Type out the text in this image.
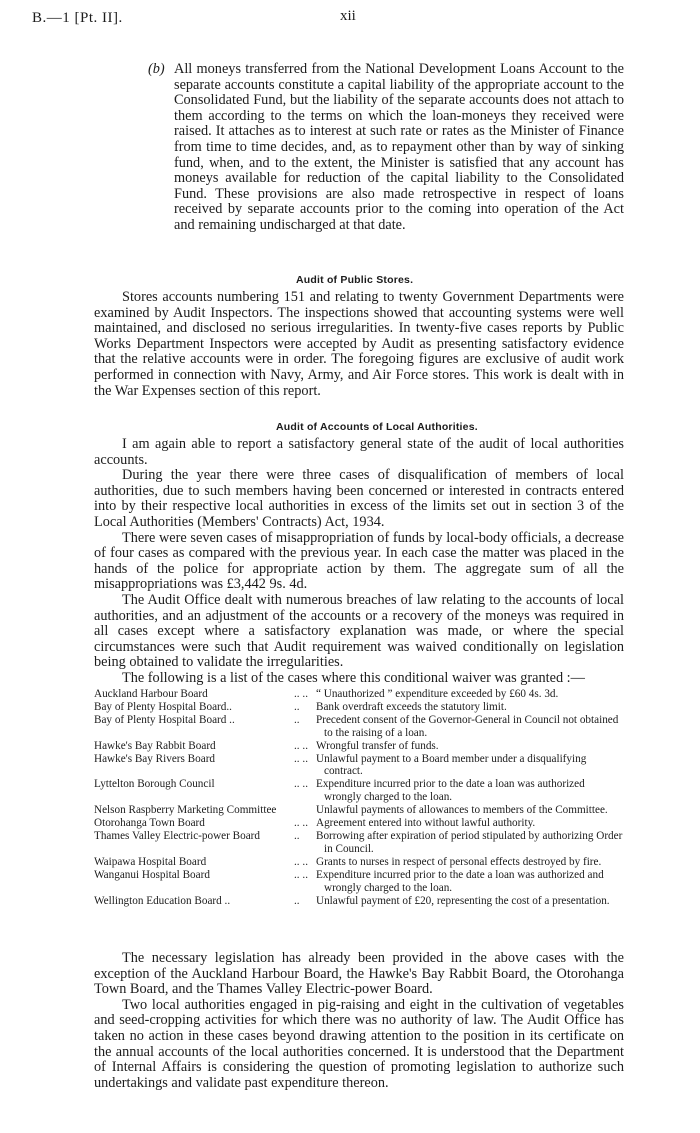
B.—1 [Pt. II].	xii
(b) All moneys transferred from the National Development Loans Account to the separate accounts constitute a capital liability of the appropriate account to the Consolidated Fund, but the liability of the separate accounts does not attach to them according to the terms on which the loan-moneys they received were raised. It attaches as to interest at such rate or rates as the Minister of Finance from time to time decides, and, as to repayment other than by way of sinking fund, when, and to the extent, the Minister is satisfied that any account has moneys available for reduction of the capital liability to the Consolidated Fund. These provisions are also made retrospective in respect of loans received by separate accounts prior to the coming into operation of the Act and remaining undischarged at that date.
Audit of Public Stores.

Stores accounts numbering 151 and relating to twenty Government Departments were examined by Audit Inspectors. The inspections showed that accounting systems were well maintained, and disclosed no serious irregularities. In twenty-five cases reports by Public Works Department Inspectors were accepted by Audit as presenting satisfactory evidence that the relative accounts were in order. The foregoing figures are exclusive of audit work performed in connection with Navy, Army, and Air Force stores. This work is dealt with in the War Expenses section of this report.

Audit of Accounts of Local Authorities.

I am again able to report a satisfactory general state of the audit of local authorities accounts.

During the year there were three cases of disqualification of members of local authorities, due to such members having been concerned or interested in contracts entered into by their respective local authorities in excess of the limits set out in section 3 of the Local Authorities (Members' Contracts) Act, 1934.

There were seven cases of misappropriation of funds by local-body officials, a decrease of four cases as compared with the previous year. In each case the matter was placed in the hands of the police for appropriate action by them. The aggregate sum of all the misappropriations was £3,442 9s. 4d.

The Audit Office dealt with numerous breaches of law relating to the accounts of local authorities, and an adjustment of the accounts or a recovery of the moneys was required in all cases except where a satisfactory explanation was made, or where the special circumstances were such that Audit requirement was waived conditionally on legislation being obtained to validate the irregularities.

The following is a list of the cases where this conditional waiver was granted :—

Auckland Harbour Board	.. .. “ Unauthorized ” expenditure exceeded by £60 4s. 3d.
Bay of Plenty Hospital Board..	..	Bank overdraft exceeds the statutory limit.
Bay of Plenty Hospital Board ..	..	Precedent consent of the Governor-General in Council not obtained to the raising of a loan.
Hawke's Bay Rabbit Board	.. .. Wrongful transfer of funds.
Hawke's Bay Rivers Board	.. .. Unlawful payment to a Board member under a disqualifying contract.
Lyttelton Borough Council	.. .. Expenditure incurred prior to the date a loan was authorized wrongly charged to the loan.
Nelson Raspberry Marketing Committee	Unlawful payments of allowances to members of the Committee.
Otorohanga Town Board	.. .. Agreement entered into without lawful authority.
Thames Valley Electric-power Board	..	Borrowing after expiration of period stipulated by authorizing Order in Council.
Waipawa Hospital Board	.. .. Grants to nurses in respect of personal effects destroyed by fire.
Wanganui Hospital Board	.. .. Expenditure incurred prior to the date a loan was authorized and wrongly charged to the loan.
Wellington Education Board ..	..	Unlawful payment of £20, representing the cost of a presentation.

The necessary legislation has already been provided in the above cases with the exception of the Auckland Harbour Board, the Hawke's Bay Rabbit Board, the Otorohanga Town Board, and the Thames Valley Electric-power Board.

Two local authorities engaged in pig-raising and eight in the cultivation of vegetables and seed-cropping activities for which there was no authority of law. The Audit Office has taken no action in these cases beyond drawing attention to the position in its certificate on the annual accounts of the local authorities concerned. It is understood that the Department of Internal Affairs is considering the question of promoting legislation to authorize such undertakings and validate past expenditure thereon.
